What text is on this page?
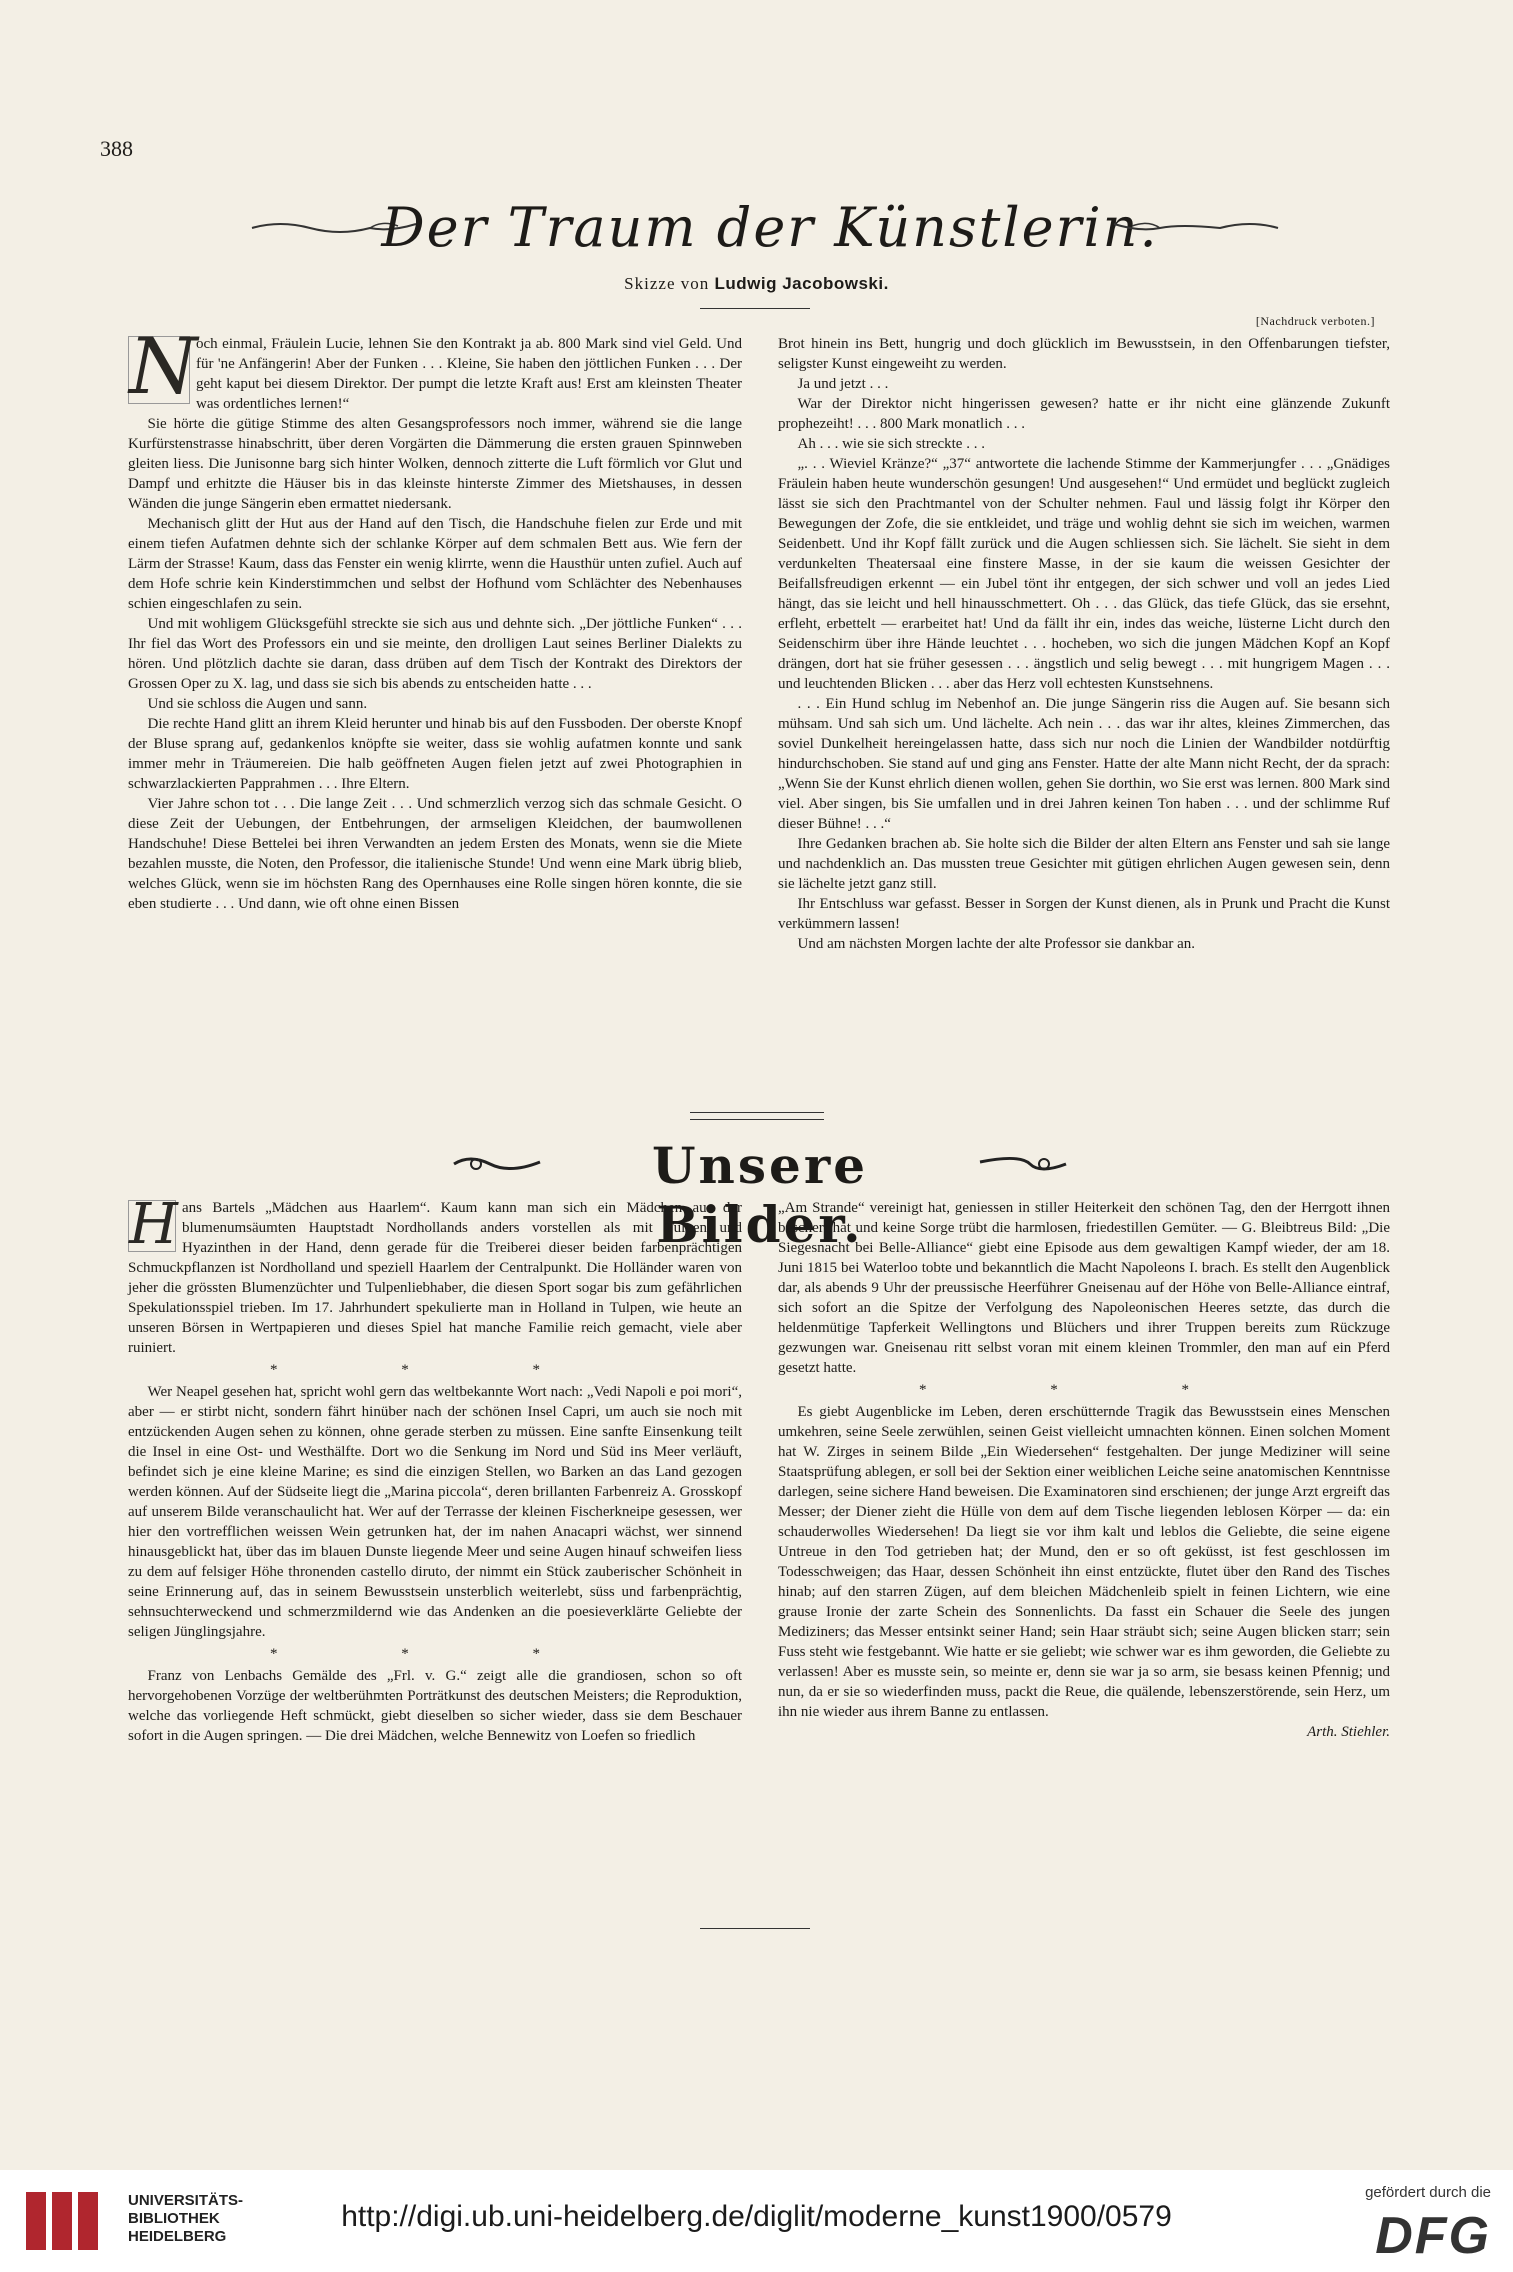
388
Der Traum der Künstlerin.
Skizze von Ludwig Jacobowski.
[Nachdruck verboten.]
N

och einmal, Fräulein Lucie, lehnen Sie den Kontrakt ja ab. 800 Mark sind viel Geld. Und für 'ne Anfängerin! Aber der Funken . . . Kleine, Sie haben den jöttlichen Funken . . . Der geht kaput bei diesem Direktor. Der pumpt die letzte Kraft aus! Erst am kleinsten Theater was ordentliches lernen!“

Sie hörte die gütige Stimme des alten Gesangsprofessors noch immer, während sie die lange Kurfürstenstrasse hinabschritt, über deren Vorgärten die Dämmerung die ersten grauen Spinnweben gleiten liess. Die Junisonne barg sich hinter Wolken, dennoch zitterte die Luft förmlich vor Glut und Dampf und erhitzte die Häuser bis in das kleinste hinterste Zimmer des Mietshauses, in dessen Wänden die junge Sängerin eben ermattet niedersank.

Mechanisch glitt der Hut aus der Hand auf den Tisch, die Handschuhe fielen zur Erde und mit einem tiefen Aufatmen dehnte sich der schlanke Körper auf dem schmalen Bett aus. Wie fern der Lärm der Strasse! Kaum, dass das Fenster ein wenig klirrte, wenn die Hausthür unten zufiel. Auch auf dem Hofe schrie kein Kinderstimmchen und selbst der Hofhund vom Schlächter des Nebenhauses schien eingeschlafen zu sein.

Und mit wohligem Glücksgefühl streckte sie sich aus und dehnte sich. „Der jöttliche Funken“ . . . Ihr fiel das Wort des Professors ein und sie meinte, den drolligen Laut seines Berliner Dialekts zu hören. Und plötzlich dachte sie daran, dass drüben auf dem Tisch der Kontrakt des Direktors der Grossen Oper zu X. lag, und dass sie sich bis abends zu entscheiden hatte . . .

Und sie schloss die Augen und sann.

Die rechte Hand glitt an ihrem Kleid herunter und hinab bis auf den Fussboden. Der oberste Knopf der Bluse sprang auf, gedankenlos knöpfte sie weiter, dass sie wohlig aufatmen konnte und sank immer mehr in Träumereien. Die halb geöffneten Augen fielen jetzt auf zwei Photographien in schwarzlackierten Papprahmen . . . Ihre Eltern.

Vier Jahre schon tot . . . Die lange Zeit . . . Und schmerzlich verzog sich das schmale Gesicht. O diese Zeit der Uebungen, der Entbehrungen, der armseligen Kleidchen, der baumwollenen Handschuhe! Diese Bettelei bei ihren Verwandten an jedem Ersten des Monats, wenn sie die Miete bezahlen musste, die Noten, den Professor, die italienische Stunde! Und wenn eine Mark übrig blieb, welches Glück, wenn sie im höchsten Rang des Opernhauses eine Rolle singen hören konnte, die sie eben studierte . . . Und dann, wie oft ohne einen Bissen

Brot hinein ins Bett, hungrig und doch glücklich im Bewusstsein, in den Offenbarungen tiefster, seligster Kunst eingeweiht zu werden.

Ja und jetzt . . .

War der Direktor nicht hingerissen gewesen? hatte er ihr nicht eine glänzende Zukunft prophezeiht! . . . 800 Mark monatlich . . .

Ah . . . wie sie sich streckte . . .

„. . . Wieviel Kränze?“ „37“ antwortete die lachende Stimme der Kammerjungfer . . . „Gnädiges Fräulein haben heute wunderschön gesungen! Und ausgesehen!“ Und ermüdet und beglückt zugleich lässt sie sich den Prachtmantel von der Schulter nehmen. Faul und lässig folgt ihr Körper den Bewegungen der Zofe, die sie entkleidet, und träge und wohlig dehnt sie sich im weichen, warmen Seidenbett. Und ihr Kopf fällt zurück und die Augen schliessen sich. Sie lächelt. Sie sieht in dem verdunkelten Theatersaal eine finstere Masse, in der sie kaum die weissen Gesichter der Beifallsfreudigen erkennt — ein Jubel tönt ihr entgegen, der sich schwer und voll an jedes Lied hängt, das sie leicht und hell hinausschmettert. Oh . . . das Glück, das tiefe Glück, das sie ersehnt, erfleht, erbettelt — erarbeitet hat! Und da fällt ihr ein, indes das weiche, lüsterne Licht durch den Seidenschirm über ihre Hände leuchtet . . . hocheben, wo sich die jungen Mädchen Kopf an Kopf drängen, dort hat sie früher gesessen . . . ängstlich und selig bewegt . . . mit hungrigem Magen . . . und leuchtenden Blicken . . . aber das Herz voll echtesten Kunstsehnens.

. . . Ein Hund schlug im Nebenhof an. Die junge Sängerin riss die Augen auf. Sie besann sich mühsam. Und sah sich um. Und lächelte. Ach nein . . . das war ihr altes, kleines Zimmerchen, das soviel Dunkelheit hereingelassen hatte, dass sich nur noch die Linien der Wandbilder notdürftig hindurchschoben. Sie stand auf und ging ans Fenster. Hatte der alte Mann nicht Recht, der da sprach: „Wenn Sie der Kunst ehrlich dienen wollen, gehen Sie dorthin, wo Sie erst was lernen. 800 Mark sind viel. Aber singen, bis Sie umfallen und in drei Jahren keinen Ton haben . . . und der schlimme Ruf dieser Bühne! . . .“

Ihre Gedanken brachen ab. Sie holte sich die Bilder der alten Eltern ans Fenster und sah sie lange und nachdenklich an. Das mussten treue Gesichter mit gütigen ehrlichen Augen gewesen sein, denn sie lächelte jetzt ganz still.

Ihr Entschluss war gefasst. Besser in Sorgen der Kunst dienen, als in Prunk und Pracht die Kunst verkümmern lassen!

Und am nächsten Morgen lachte der alte Professor sie dankbar an.

Unsere Bilder.
H ans Bartels „Mädchen aus Haarlem“. Kaum kann man sich ein Mädchen aus der blumenumsäumten Hauptstadt Nordhollands anders vorstellen als mit Tulpen und Hyazinthen in der Hand, denn gerade für die Treiberei dieser beiden farbenprächtigen Schmuckpflanzen ist Nordholland und speziell Haarlem der Centralpunkt. Die Holländer waren von jeher die grössten Blumenzüchter und Tulpenliebhaber, die diesen Sport sogar bis zum gefährlichen Spekulationsspiel trieben. Im 17. Jahrhundert spekulierte man in Holland in Tulpen, wie heute an unseren Börsen in Wertpapieren und dieses Spiel hat manche Familie reich gemacht, viele aber ruiniert.

* * *

Wer Neapel gesehen hat, spricht wohl gern das weltbekannte Wort nach: „Vedi Napoli e poi mori“, aber — er stirbt nicht, sondern fährt hinüber nach der schönen Insel Capri, um auch sie noch mit entzückenden Augen sehen zu können, ohne gerade sterben zu müssen. Eine sanfte Einsenkung teilt die Insel in eine Ost- und Westhälfte. Dort wo die Senkung im Nord und Süd ins Meer verläuft, befindet sich je eine kleine Marine; es sind die einzigen Stellen, wo Barken an das Land gezogen werden können. Auf der Südseite liegt die „Marina piccola“, deren brillanten Farbenreiz A. Grosskopf auf unserem Bilde veranschaulicht hat. Wer auf der Terrasse der kleinen Fischerkneipe gesessen, wer hier den vortrefflichen weissen Wein getrunken hat, der im nahen Anacapri wächst, wer sinnend hinausgeblickt hat, über das im blauen Dunste liegende Meer und seine Augen hinauf schweifen liess zu dem auf felsiger Höhe thronenden castello diruto, der nimmt ein Stück zauberischer Schönheit in seine Erinnerung auf, das in seinem Bewusstsein unsterblich weiterlebt, süss und farbenprächtig, sehnsuchterweckend und schmerzmildernd wie das Andenken an die poesieverklärte Geliebte der seligen Jünglingsjahre.

* * *

Franz von Lenbachs Gemälde des „Frl. v. G.“ zeigt alle die grandiosen, schon so oft hervorgehobenen Vorzüge der weltberühmten Porträtkunst des deutschen Meisters; die Reproduktion, welche das vorliegende Heft schmückt, giebt dieselben so sicher wieder, dass sie dem Beschauer sofort in die Augen springen. — Die drei Mädchen, welche Bennewitz von Loefen so friedlich

„Am Strande“ vereinigt hat, geniessen in stiller Heiterkeit den schönen Tag, den der Herrgott ihnen beschert hat und keine Sorge trübt die harmlosen, friedestillen Gemüter. — G. Bleibtreus Bild: „Die Siegesnacht bei Belle-Alliance“ giebt eine Episode aus dem gewaltigen Kampf wieder, der am 18. Juni 1815 bei Waterloo tobte und bekanntlich die Macht Napoleons I. brach. Es stellt den Augenblick dar, als abends 9 Uhr der preussische Heerführer Gneisenau auf der Höhe von Belle-Alliance eintraf, sich sofort an die Spitze der Verfolgung des Napoleonischen Heeres setzte, das durch die heldenmütige Tapferkeit Wellingtons und Blüchers und ihrer Truppen bereits zum Rückzuge gezwungen war. Gneisenau ritt selbst voran mit einem kleinen Trommler, den man auf ein Pferd gesetzt hatte.

* * *

Es giebt Augenblicke im Leben, deren erschütternde Tragik das Bewusstsein eines Menschen umkehren, seine Seele zerwühlen, seinen Geist vielleicht umnachten können. Einen solchen Moment hat W. Zirges in seinem Bilde „Ein Wiedersehen“ festgehalten. Der junge Mediziner will seine Staatsprüfung ablegen, er soll bei der Sektion einer weiblichen Leiche seine anatomischen Kenntnisse darlegen, seine sichere Hand beweisen. Die Examinatoren sind erschienen; der junge Arzt ergreift das Messer; der Diener zieht die Hülle von dem auf dem Tische liegenden leblosen Körper — da: ein schauderwolles Wiedersehen! Da liegt sie vor ihm kalt und leblos die Geliebte, die seine eigene Untreue in den Tod getrieben hat; der Mund, den er so oft geküsst, ist fest geschlossen im Todesschweigen; das Haar, dessen Schönheit ihn einst entzückte, flutet über den Rand des Tisches hinab; auf den starren Zügen, auf dem bleichen Mädchenleib spielt in feinen Lichtern, wie eine grause Ironie der zarte Schein des Sonnenlichts. Da fasst ein Schauer die Seele des jungen Mediziners; das Messer entsinkt seiner Hand; sein Haar sträubt sich; seine Augen blicken starr; sein Fuss steht wie festgebannt. Wie hatte er sie geliebt; wie schwer war es ihm geworden, die Geliebte zu verlassen! Aber es musste sein, so meinte er, denn sie war ja so arm, sie besass keinen Pfennig; und nun, da er sie so wiederfinden muss, packt die Reue, die quälende, lebenszerstörende, sein Herz, um ihn nie wieder aus ihrem Banne zu entlassen.

Arth. Stiehler.

UNIVERSITÄTS-
BIBLIOTHEK
HEIDELBERG
http://digi.ub.uni-heidelberg.de/diglit/moderne_kunst1900/0579
gefördert durch die
DFG
